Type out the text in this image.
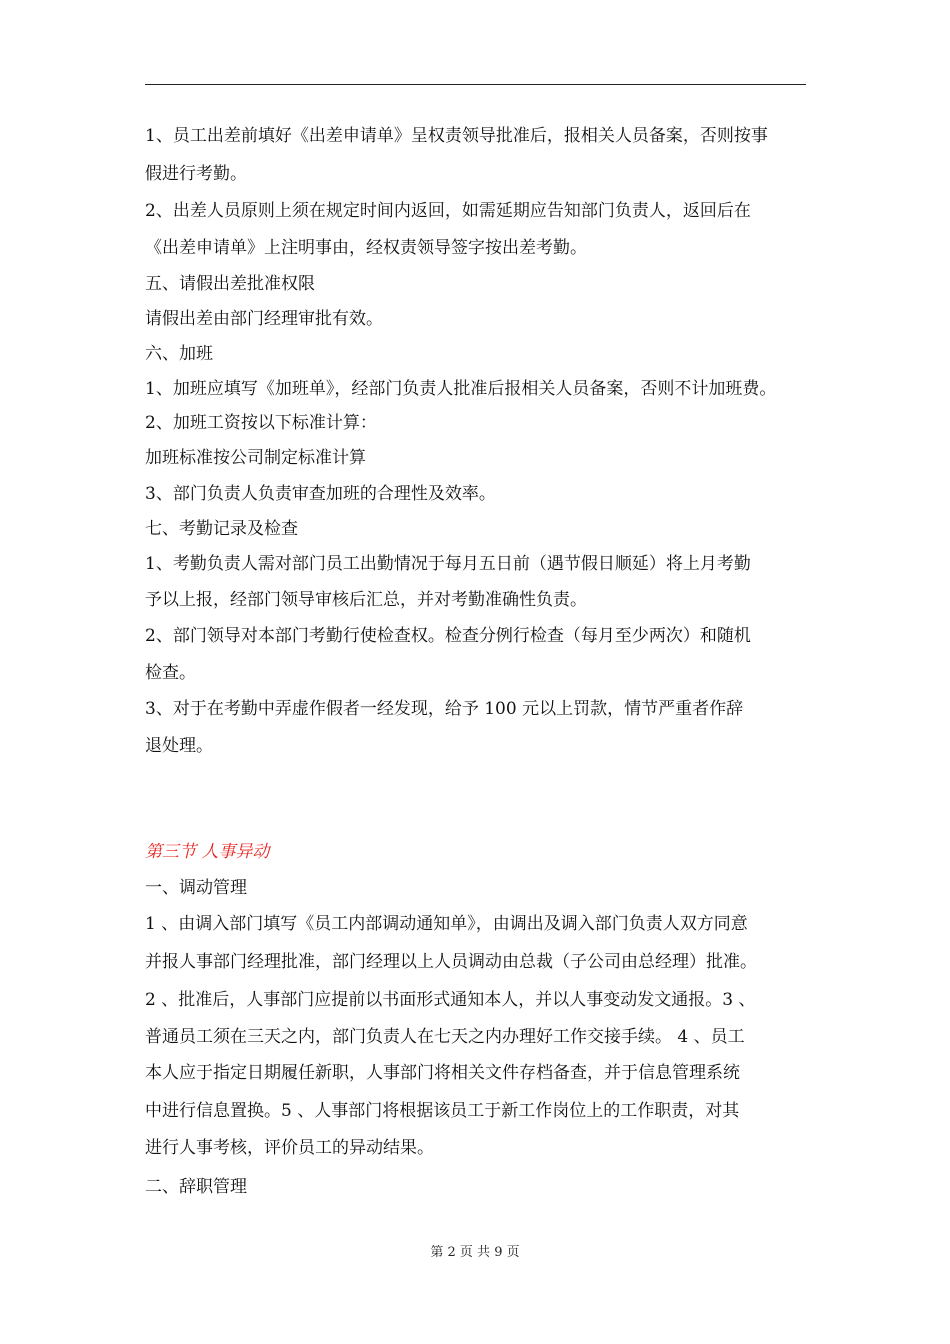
1、员工出差前填好《出差申请单》呈权责领导批准后，报相关人员备案，否则按事
假进行考勤。
2、出差人员原则上须在规定时间内返回，如需延期应告知部门负责人，返回后在
《出差申请单》上注明事由，经权责领导签字按出差考勤。
五、请假出差批准权限
请假出差由部门经理审批有效。
六、加班
1、加班应填写《加班单》，经部门负责人批准后报相关人员备案，否则不计加班费。
2、加班工资按以下标准计算：
加班标准按公司制定标准计算
3、部门负责人负责审查加班的合理性及效率。
七、考勤记录及检查
1、考勤负责人需对部门员工出勤情况于每月五日前（遇节假日顺延）将上月考勤
予以上报，经部门领导审核后汇总，并对考勤准确性负责。
2、部门领导对本部门考勤行使检查权。检查分例行检查（每月至少两次）和随机
检查。
3、对于在考勤中弄虚作假者一经发现，给予 100 元以上罚款，情节严重者作辞
退处理。
第三节 人事异动
一、调动管理
1 、由调入部门填写《员工内部调动通知单》，由调出及调入部门负责人双方同意
并报人事部门经理批准，部门经理以上人员调动由总裁（子公司由总经理）批准。
2 、批准后，人事部门应提前以书面形式通知本人，并以人事变动发文通报。3 、
普通员工须在三天之内，部门负责人在七天之内办理好工作交接手续。 4 、员工
本人应于指定日期履任新职，人事部门将相关文件存档备查，并于信息管理系统
中进行信息置换。5 、人事部门将根据该员工于新工作岗位上的工作职责，对其
进行人事考核，评价员工的异动结果。
二、辞职管理
第 2 页 共 9 页
